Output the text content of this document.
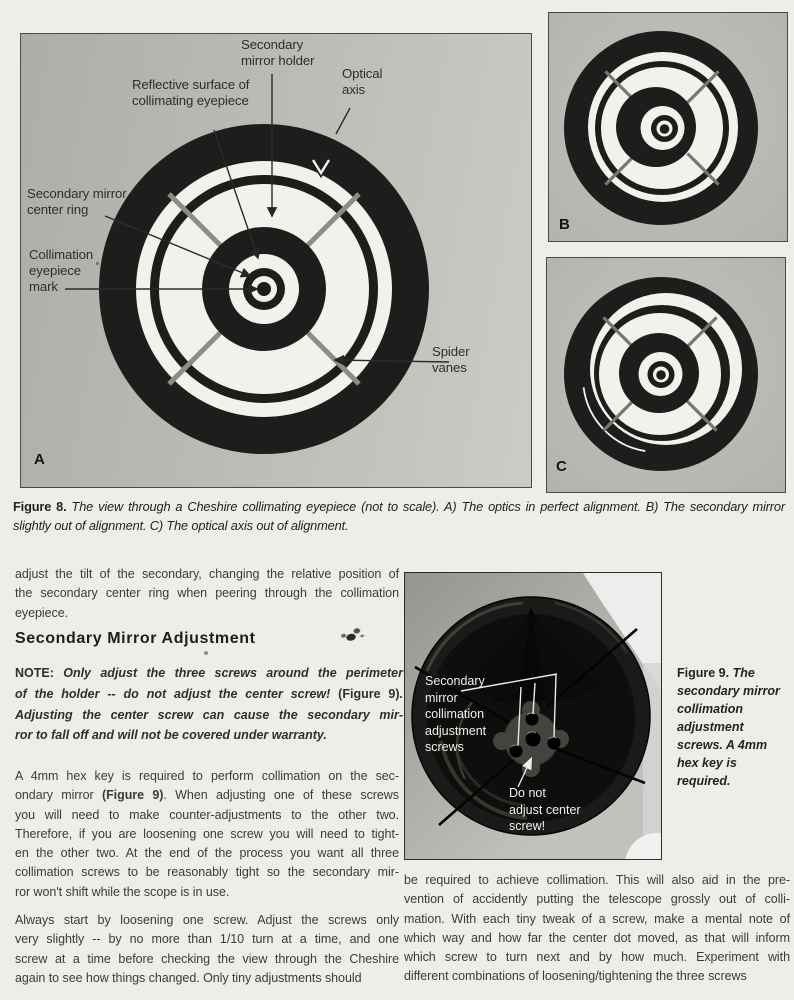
A
Secondary
mirror holder
Reflective surface of
collimating eyepiece
Optical
axis
Secondary mirror
center ring
Collimation
eyepiece
mark
Spider
vanes
B
C
Figure 8. The view through a Cheshire collimating eyepiece (not to scale). A) The optics in perfect alignment. B) The secondary mirror
slightly out of alignment. C) The optical axis out of alignment.
adjust the tilt of the secondary, changing the relative position of
the secondary center ring when peering through the collimation
eyepiece.
Secondary Mirror Adjustment
NOTE: Only adjust the three screws around the perimeter
of the holder -- do not adjust the center screw! (Figure 9).
Adjusting the center screw can cause the secondary mir-
ror to fall off and will not be covered under warranty.
A 4mm hex key is required to perform collimation on the sec-
ondary mirror (Figure 9). When adjusting one of these screws
you will need to make counter-adjustments to the other two.
Therefore, if you are loosening one screw you will need to tight-
en the other two. At the end of the process you want all three
collimation screws to be reasonably tight so the secondary mir-
ror won't shift while the scope is in use.
Always start by loosening one screw. Adjust the screws only
very slightly -- by no more than 1/10 turn at a time, and one
screw at a time before checking the view through the Cheshire
again to see how things changed. Only tiny adjustments should
Secondary
mirror
collimation
adjustment
screws
Do not
adjust center
screw!
Figure 9. The
secondary mirror
collimation
adjustment
screws. A 4mm
hex key is required.
be required to achieve collimation. This will also aid in the pre-
vention of accidently putting the telescope grossly out of colli-
mation. With each tiny tweak of a screw, make a mental note of
which way and how far the center dot moved, as that will inform
which screw to turn next and by how much. Experiment with
different combinations of loosening/tightening the three screws
